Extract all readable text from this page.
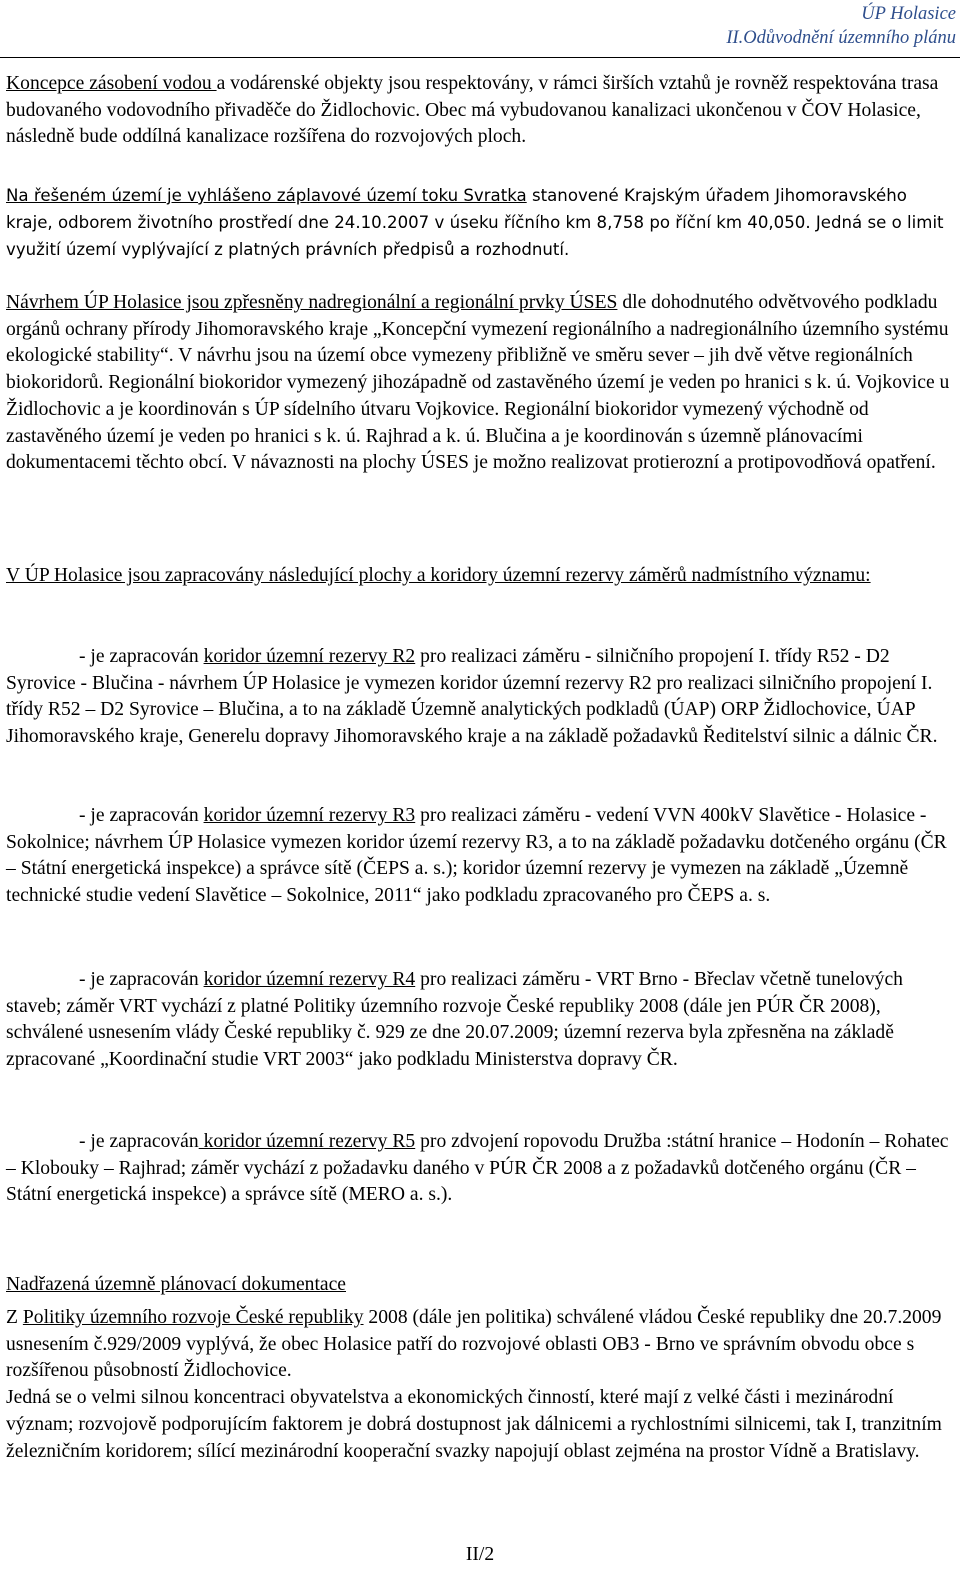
ÚP Holasice
II.Odůvodnění územního plánu

Koncepce zásobení vodou a vodárenské objekty jsou respektovány, v rámci širších vztahů je rovněž respektována trasa budovaného vodovodního přivaděče do Židlochovic. Obec má vybudovanou kanalizaci ukončenou v ČOV Holasice, následně bude oddílná kanalizace rozšířena do rozvojových ploch.

Na řešeném území je vyhlášeno záplavové území toku Svratka stanovené Krajským úřadem Jihomoravského kraje, odborem životního prostředí dne 24.10.2007 v úseku říčního km 8,758 po říční km 40,050. Jedná se o limit využití území vyplývající z platných právních předpisů a rozhodnutí.

Návrhem ÚP Holasice jsou zpřesněny nadregionální a regionální prvky ÚSES dle dohodnutého odvětvového podkladu orgánů ochrany přírody Jihomoravského kraje „Koncepční vymezení regionálního a nadregionálního územního systému ekologické stability“. V návrhu jsou na území obce vymezeny přibližně ve směru sever – jih dvě větve regionálních biokoridorů. Regionální biokoridor vymezený jihozápadně od zastavěného území je veden po hranici s k. ú. Vojkovice u Židlochovic a je koordinován s ÚP sídelního útvaru Vojkovice. Regionální biokoridor vymezený východně od zastavěného území je veden po hranici s k. ú. Rajhrad a k. ú. Blučina a je koordinován s územně plánovacími dokumentacemi těchto obcí. V návaznosti na plochy ÚSES je možno realizovat protierozní a protipovodňová opatření.

V ÚP Holasice jsou zapracovány následující plochy a koridory územní rezervy záměrů nadmístního významu:

- je zapracován koridor územní rezervy R2 pro realizaci záměru - silničního propojení I. třídy R52 - D2 Syrovice - Blučina - návrhem ÚP Holasice je vymezen koridor územní rezervy R2 pro realizaci silničního propojení I. třídy R52 – D2 Syrovice – Blučina, a to na základě Územně analytických podkladů (ÚAP) ORP Židlochovice, ÚAP Jihomoravského kraje, Generelu dopravy Jihomoravského kraje a na základě požadavků Ředitelství silnic a dálnic ČR.

- je zapracován koridor územní rezervy R3 pro realizaci záměru - vedení VVN 400kV Slavětice - Holasice - Sokolnice; návrhem ÚP Holasice vymezen koridor území rezervy R3, a to na základě požadavku dotčeného orgánu (ČR – Státní energetická inspekce) a správce sítě (ČEPS a. s.); koridor územní rezervy je vymezen na základě „Územně technické studie vedení Slavětice – Sokolnice, 2011“ jako podkladu zpracovaného pro ČEPS a. s.

- je zapracován koridor územní rezervy R4 pro realizaci záměru - VRT Brno - Břeclav včetně tunelových staveb; záměr VRT vychází z platné Politiky územního rozvoje České republiky 2008 (dále jen PÚR ČR 2008), schválené usnesením vlády České republiky č. 929 ze dne 20.07.2009; územní rezerva byla zpřesněna na základě zpracované „Koordinační studie VRT 2003“ jako podkladu Ministerstva dopravy ČR.

- je zapracován koridor územní rezervy R5 pro zdvojení ropovodu Družba :státní hranice – Hodonín – Rohatec – Klobouky – Rajhrad; záměr vychází z požadavku daného v PÚR ČR 2008 a z požadavků dotčeného orgánu (ČR – Státní energetická inspekce) a správce sítě (MERO a. s.).

Nadřazená územně plánovací dokumentace

Z Politiky územního rozvoje České republiky 2008 (dále jen politika) schválené vládou České republiky dne 20.7.2009 usnesením č.929/2009 vyplývá, že obec Holasice patří do rozvojové oblasti OB3 - Brno ve správním obvodu obce s rozšířenou působností Židlochovice.
Jedná se o velmi silnou koncentraci obyvatelstva a ekonomických činností, které mají z velké části i mezinárodní význam; rozvojově podporujícím faktorem je dobrá dostupnost jak dálnicemi a rychlostními silnicemi, tak I, tranzitním železničním koridorem; sílící mezinárodní kooperační svazky napojují oblast zejména na prostor Vídně a Bratislavy.

II/2
